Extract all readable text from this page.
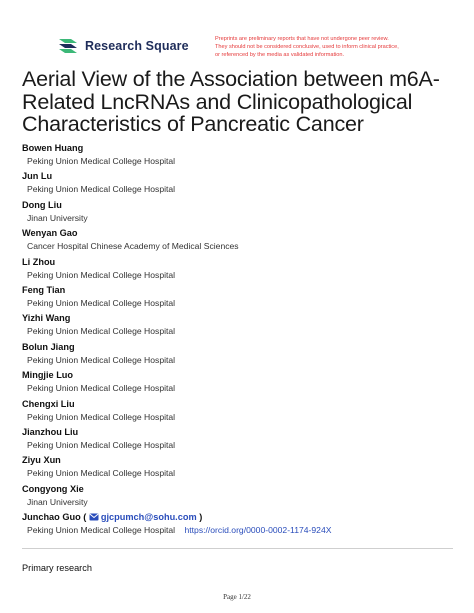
Research Square	Preprints are preliminary reports that have not undergone peer review.
They should not be considered conclusive, used to inform clinical practice,
or referenced by the media as validated information.
Aerial View of the Association between m6A-Related LncRNAs and Clinicopathological Characteristics of Pancreatic Cancer
Bowen Huang
Peking Union Medical College Hospital
Jun Lu
Peking Union Medical College Hospital
Dong Liu
Jinan University
Wenyan Gao
Cancer Hospital Chinese Academy of Medical Sciences
Li Zhou
Peking Union Medical College Hospital
Feng Tian
Peking Union Medical College Hospital
Yizhi Wang
Peking Union Medical College Hospital
Bolun Jiang
Peking Union Medical College Hospital
Mingjie Luo
Peking Union Medical College Hospital
Chengxi Liu
Peking Union Medical College Hospital
Jianzhou Liu
Peking Union Medical College Hospital
Ziyu Xun
Peking Union Medical College Hospital
Congyong Xie
Jinan University
Junchao Guo ( gjcpumch@sohu.com )
Peking Union Medical College Hospital https://orcid.org/0000-0002-1174-924X
Primary research
Page 1/22
